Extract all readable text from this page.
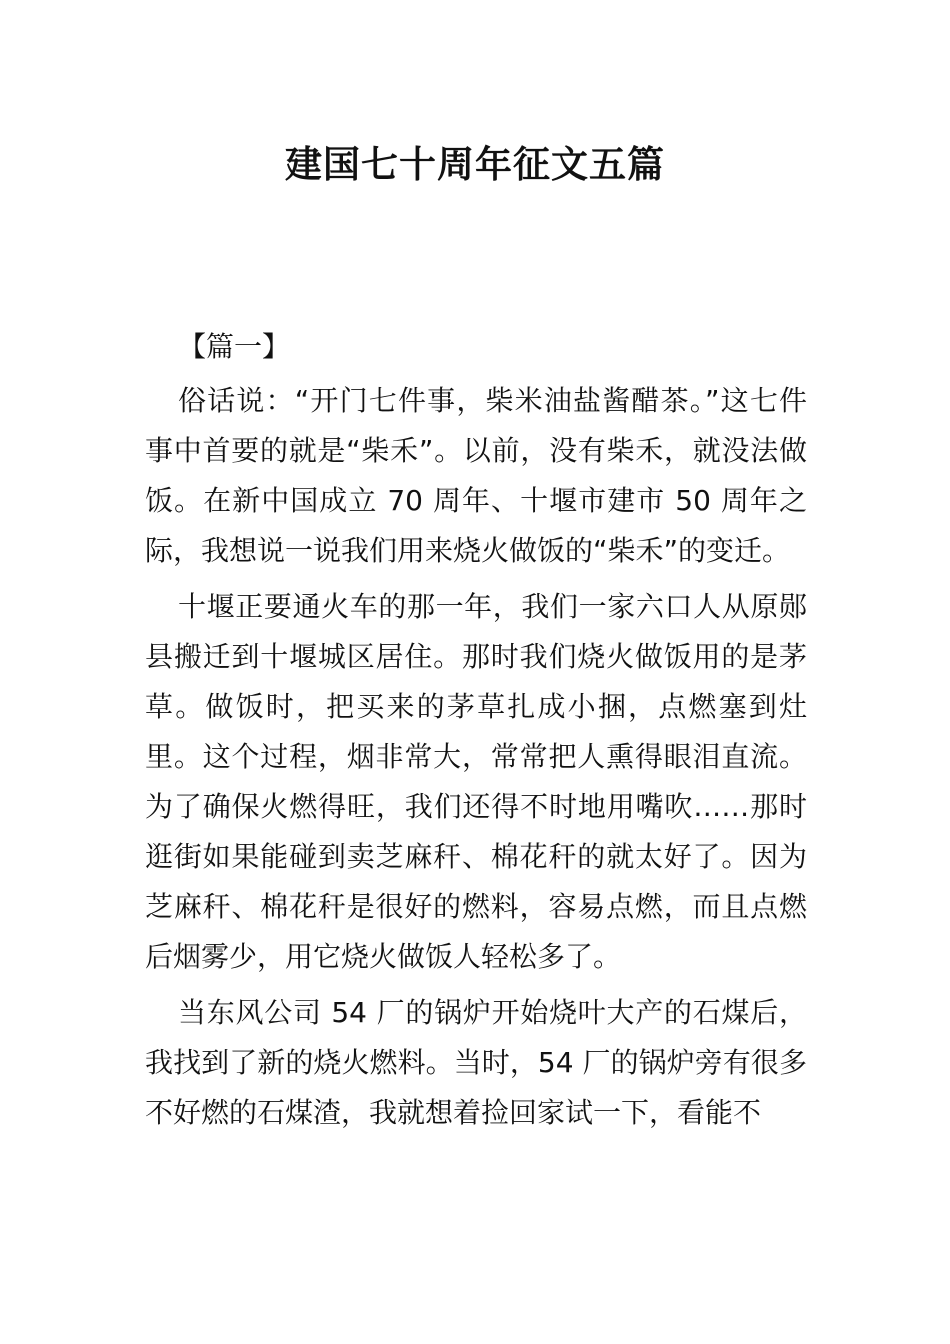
建国七十周年征文五篇
【篇一】

俗话说：“开门七件事，柴米油盐酱醋茶。”这七件事中首要的就是“柴禾”。以前，没有柴禾，就没法做饭。在新中国成立 70 周年、十堰市建市 50 周年之际，我想说一说我们用来烧火做饭的“柴禾”的变迁。

十堰正要通火车的那一年，我们一家六口人从原郧县搬迁到十堰城区居住。那时我们烧火做饭用的是茅草。做饭时，把买来的茅草扎成小捆，点燃塞到灶里。这个过程，烟非常大，常常把人熏得眼泪直流。为了确保火燃得旺，我们还得不时地用嘴吹……那时逛街如果能碰到卖芝麻秆、棉花秆的就太好了。因为芝麻秆、棉花秆是很好的燃料，容易点燃，而且点燃后烟雾少，用它烧火做饭人轻松多了。

当东风公司 54 厂的锅炉开始烧叶大产的石煤后，我找到了新的烧火燃料。当时，54 厂的锅炉旁有很多不好燃的石煤渣，我就想着捡回家试一下，看能不
